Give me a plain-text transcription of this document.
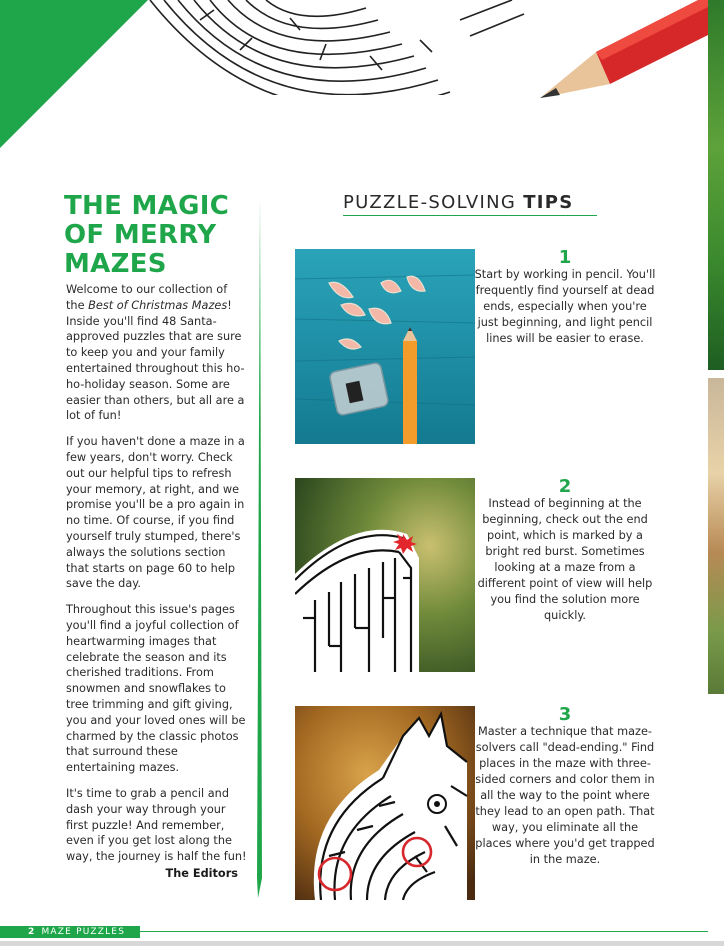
THE MAGIC
OF MERRY
MAZES

Welcome to our collection of the Best of Christmas Mazes! Inside you'll find 48 Santa-approved puzzles that are sure to keep you and your family entertained throughout this ho-ho-holiday season. Some are easier than others, but all are a lot of fun!

If you haven't done a maze in a few years, don't worry. Check out our helpful tips to refresh your memory, at right, and we promise you'll be a pro again in no time. Of course, if you find yourself truly stumped, there's always the solutions section that starts on page 60 to help save the day.

Throughout this issue's pages you'll find a joyful collection of heartwarming images that celebrate the season and its cherished traditions. From snowmen and snowflakes to tree trimming and gift giving, you and your loved ones will be charmed by the classic photos that surround these entertaining mazes.

It's time to grab a pencil and dash your way through your first puzzle! And remember, even if you get lost along the way, the journey is half the fun!

The Editors
PUZZLE-SOLVING TIPS
1
Start by working in pencil. You'll frequently find yourself at dead ends, especially when you're just beginning, and light pencil lines will be easier to erase.
2
Instead of beginning at the beginning, check out the end point, which is marked by a bright red burst. Sometimes looking at a maze from a different point of view will help you find the solution more quickly.
3
Master a technique that maze-solvers call "dead-ending." Find places in the maze with three-sided corners and color them in all the way to the point where they lead to an open path. That way, you eliminate all the places where you'd get trapped in the maze.
2 MAZE PUZZLES
